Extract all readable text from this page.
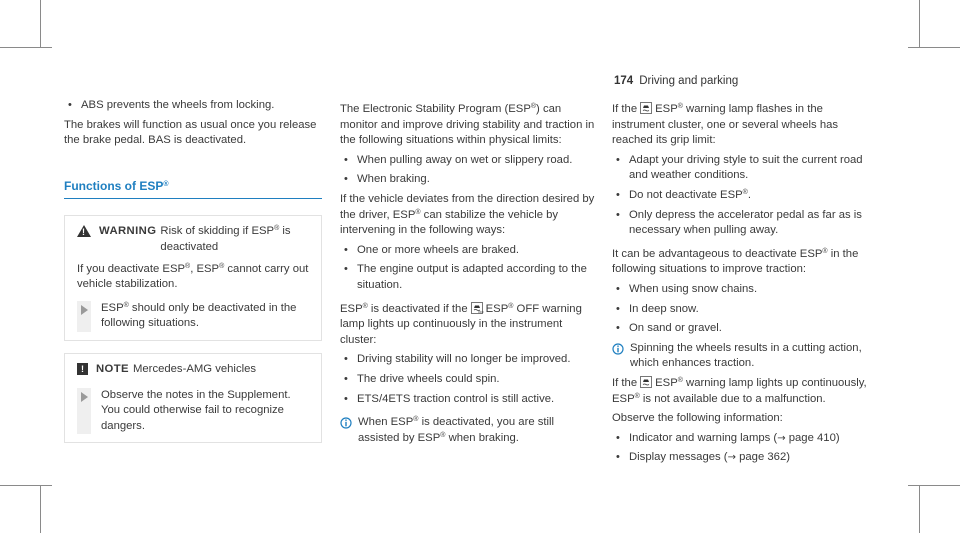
174 Driving and parking

• ABS prevents the wheels from locking.

The brakes will function as usual once you release the brake pedal. BAS is deactivated.

Functions of ESP®
!
WARNING Risk of skidding if ESP® is deactivated

If you deactivate ESP®, ESP® cannot carry out vehicle stabilization.

ESP® should only be deactivated in the following situations.

!	NOTE Mercedes-AMG vehicles

Observe the notes in the Supplement. You could otherwise fail to recognize dangers.

The Electronic Stability Program (ESP®) can monitor and improve driving stability and traction in the following situations within physical limits:

• When pulling away on wet or slippery road.

• When braking.

If the vehicle deviates from the direction desired by the driver, ESP® can stabilize the vehicle by intervening in the following ways:

• One or more wheels are braked.

• The engine output is adapted according to the situation.

ESP® is deactivated if the	OFF ESP® OFF warning lamp lights up continuously in the instrument cluster:

• Driving stability will no longer be improved.

• The drive wheels could spin.

• ETS/4ETS traction control is still active.

When ESP® is deactivated, you are still assisted by ESP® when braking.

If the ESP® warning lamp flashes in the instrument cluster, one or several wheels has reached its grip limit:

• Adapt your driving style to suit the current road and weather conditions.

• Do not deactivate ESP®.

• Only depress the accelerator pedal as far as is necessary when pulling away.

It can be advantageous to deactivate ESP® in the following situations to improve traction:

• When using snow chains.

• In deep snow.

• On sand or gravel.

Spinning the wheels results in a cutting action, which enhances traction.

If the ESP® warning lamp lights up continuously, ESP® is not available due to a malfunction.

Observe the following information:

• Indicator and warning lamps (→ page 410)

• Display messages (→ page 362)
